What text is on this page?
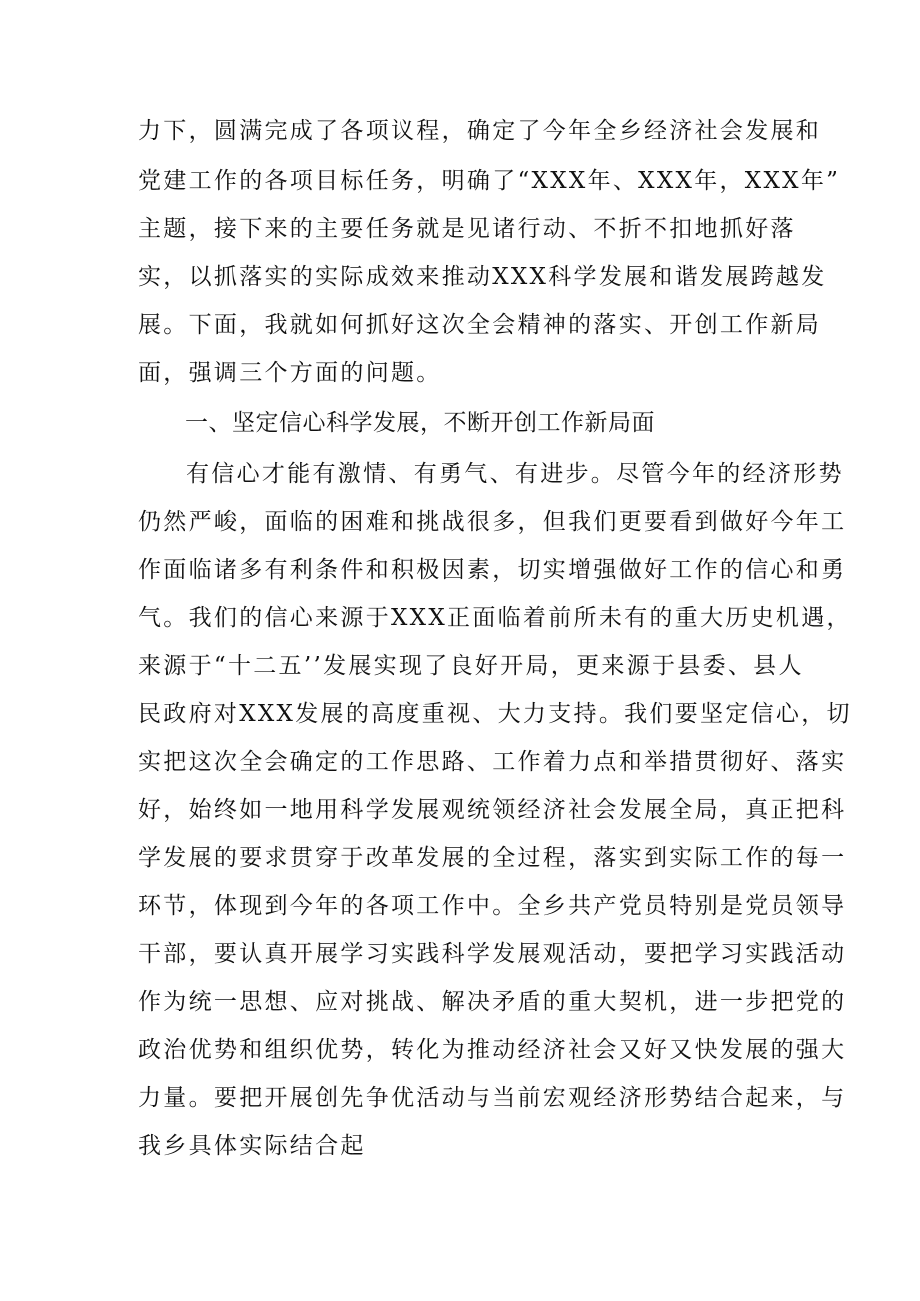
力下，圆满完成了各项议程，确定了今年全乡经济社会发展和
党建工作的各项目标任务，明确了“XXX年、XXX年，XXX年”
主题，接下来的主要任务就是见诸行动、不折不扣地抓好落
实，以抓落实的实际成效来推动XXX科学发展和谐发展跨越发
展。下面，我就如何抓好这次全会精神的落实、开创工作新局
面，强调三个方面的问题。
一、坚定信心科学发展，不断开创工作新局面
有信心才能有激情、有勇气、有进步。尽管今年的经济形势
仍然严峻，面临的困难和挑战很多，但我们更要看到做好今年工
作面临诸多有利条件和积极因素，切实增强做好工作的信心和勇
气。我们的信心来源于XXX正面临着前所未有的重大历史机遇，
来源于“十二五’’发展实现了良好开局，更来源于县委、县人
民政府对XXX发展的高度重视、大力支持。我们要坚定信心，切
实把这次全会确定的工作思路、工作着力点和举措贯彻好、落实
好，始终如一地用科学发展观统领经济社会发展全局，真正把科
学发展的要求贯穿于改革发展的全过程，落实到实际工作的每一
环节，体现到今年的各项工作中。全乡共产党员特别是党员领导
干部，要认真开展学习实践科学发展观活动，要把学习实践活动
作为统一思想、应对挑战、解决矛盾的重大契机，进一步把党的
政治优势和组织优势，转化为推动经济社会又好又快发展的强大
力量。要把开展创先争优活动与当前宏观经济形势结合起来，与
我乡具体实际结合起
